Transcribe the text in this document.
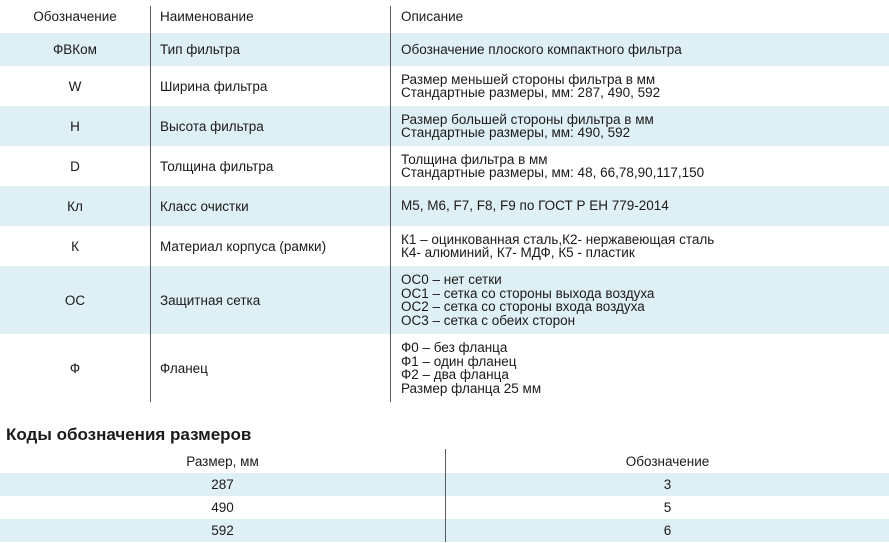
Обозначение	Наименование	Описание
ФВКом	Тип фильтра	Обозначение плоского компактного фильтра
W	Ширина фильтра	Размер меньшей стороны фильтра в мм
Стандартные размеры, мм: 287, 490, 592
H	Высота фильтра	Размер большей стороны фильтра в мм
Стандартные размеры, мм: 490, 592
D	Толщина фильтра	Толщина фильтра в мм
Стандартные размеры, мм: 48, 66,78,90,117,150
Кл	Класс очистки	М5, М6, F7, F8, F9 по ГОСТ Р ЕН 779-2014
К	Материал корпуса (рамки)	К1 – оцинкованная сталь,К2- нержавеющая сталь
К4- алюминий, К7- МДФ, К5 - пластик
ОС	Защитная сетка
ОС0 – нет сетки
ОС1 – сетка со стороны выхода воздуха
ОС2 – сетка со стороны входа воздуха
ОС3 – сетка с обеих сторон
Ф	Фланец
Ф0 – без фланца
Ф1 – один фланец
Ф2 – два фланца
Размер фланца 25 мм
Коды обозначения размеров
Размер, мм	Обозначение
287	3
490	5
592	6
